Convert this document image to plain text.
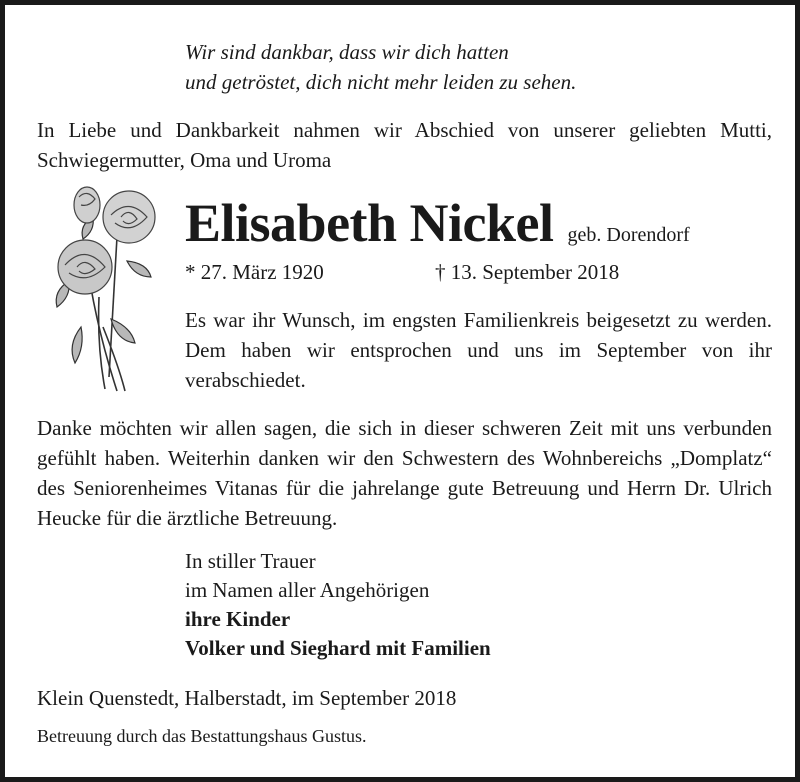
Wir sind dankbar, dass wir dich hatten
und getröstet, dich nicht mehr leiden zu sehen.
In Liebe und Dankbarkeit nahmen wir Abschied von unserer geliebten Mutti, Schwiegermutter, Oma und Uroma
Elisabeth Nickel geb. Dorendorf
* 27. März 1920	† 13. September 2018
Es war ihr Wunsch, im engsten Familienkreis beigesetzt zu werden. Dem haben wir entsprochen und uns im September von ihr verabschiedet.
Danke möchten wir allen sagen, die sich in dieser schweren Zeit mit uns verbunden gefühlt haben. Weiterhin danken wir den Schwestern des Wohnbereichs „Domplatz“ des Seniorenheimes Vitanas für die jahrelange gute Betreuung und Herrn Dr. Ulrich Heucke für die ärztliche Betreuung.
In stiller Trauer
im Namen aller Angehörigen
ihre Kinder
Volker und Sieghard mit Familien
Klein Quenstedt, Halberstadt, im September 2018
Betreuung durch das Bestattungshaus Gustus.
